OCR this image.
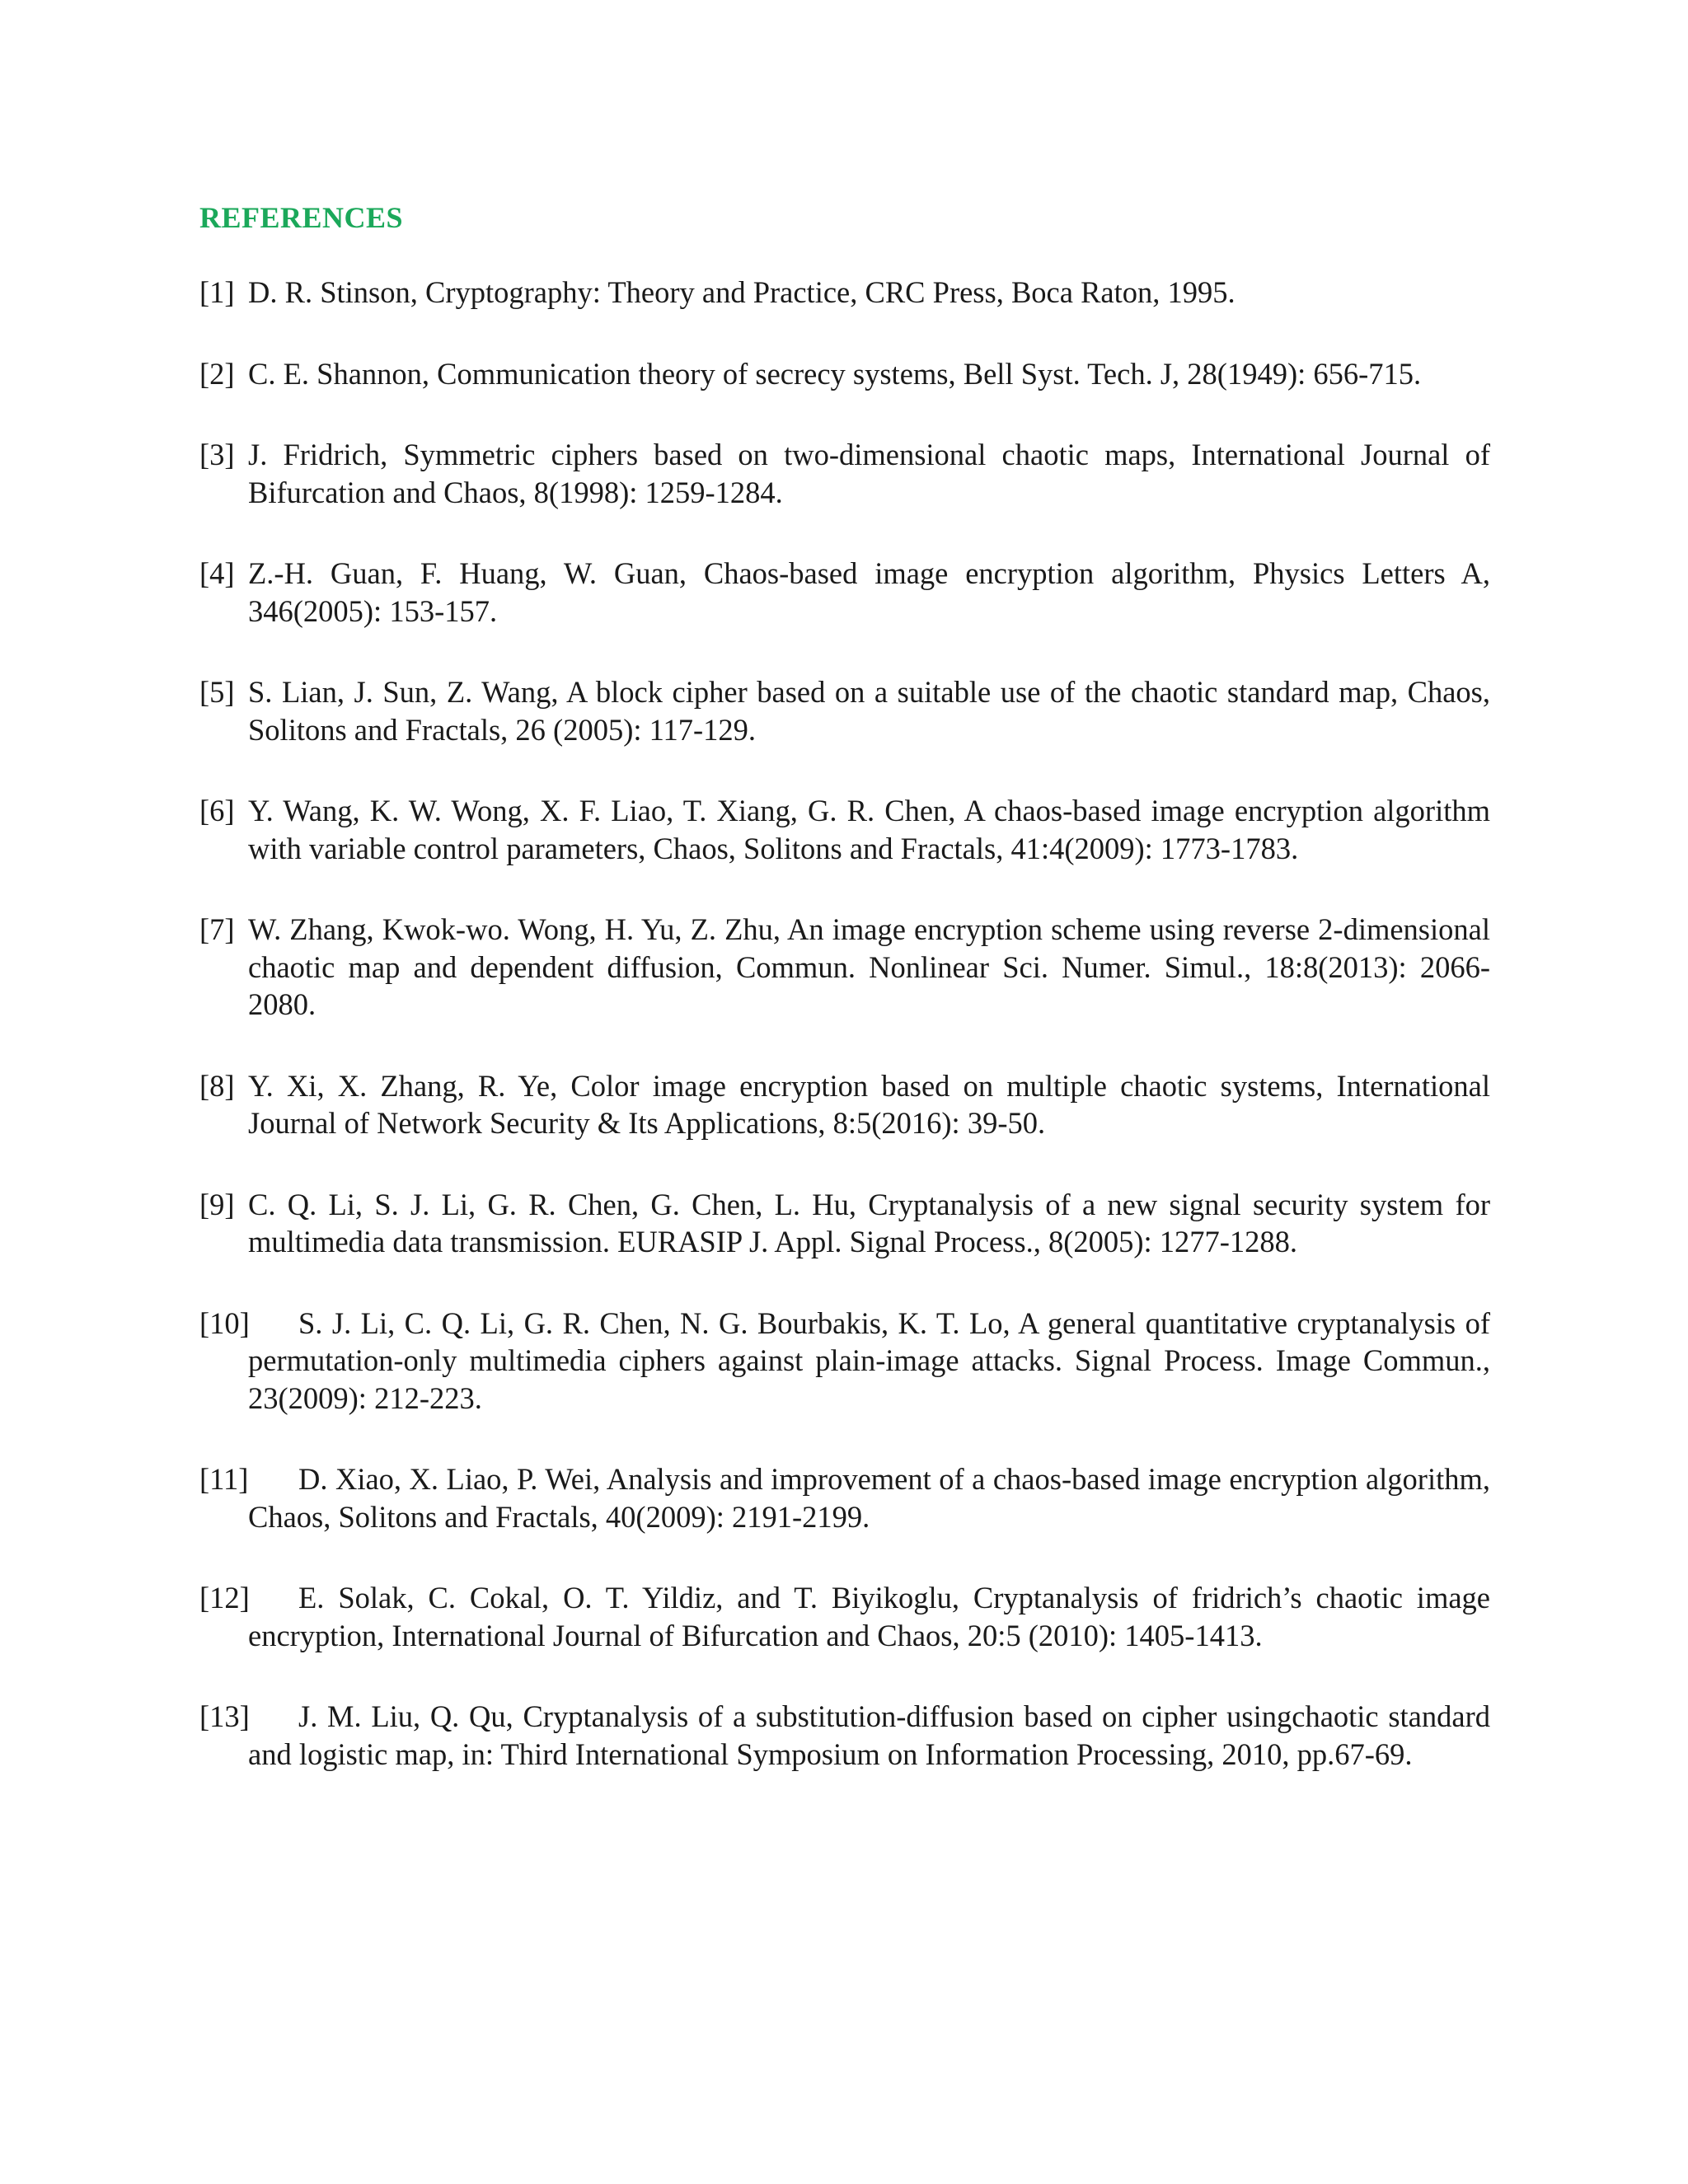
REFERENCES
[1] D. R. Stinson, Cryptography: Theory and Practice, CRC Press, Boca Raton, 1995.
[2] C. E. Shannon, Communication theory of secrecy systems, Bell Syst. Tech. J, 28(1949): 656-715.
[3] J. Fridrich, Symmetric ciphers based on two-dimensional chaotic maps, International Journal of Bifurcation and Chaos, 8(1998): 1259-1284.
[4] Z.-H. Guan, F. Huang, W. Guan, Chaos-based image encryption algorithm, Physics Letters A, 346(2005): 153-157.
[5] S. Lian, J. Sun, Z. Wang, A block cipher based on a suitable use of the chaotic standard map, Chaos, Solitons and Fractals, 26 (2005): 117-129.
[6] Y. Wang, K. W. Wong, X. F. Liao, T. Xiang, G. R. Chen, A chaos-based image encryption algorithm with variable control parameters, Chaos, Solitons and Fractals, 41:4(2009): 1773-1783.
[7] W. Zhang, Kwok-wo. Wong, H. Yu, Z. Zhu, An image encryption scheme using reverse 2-dimensional chaotic map and dependent diffusion, Commun. Nonlinear Sci. Numer. Simul., 18:8(2013): 2066-2080.
[8] Y. Xi, X. Zhang, R. Ye, Color image encryption based on multiple chaotic systems, International Journal of Network Security & Its Applications, 8:5(2016): 39-50.
[9] C. Q. Li, S. J. Li, G. R. Chen, G. Chen, L. Hu, Cryptanalysis of a new signal security system for multimedia data transmission. EURASIP J. Appl. Signal Process., 8(2005): 1277-1288.
[10]	S. J. Li, C. Q. Li, G. R. Chen, N. G. Bourbakis, K. T. Lo, A general quantitative cryptanalysis of permutation-only multimedia ciphers against plain-image attacks. Signal Process. Image Commun., 23(2009): 212-223.
[11]	D. Xiao, X. Liao, P. Wei, Analysis and improvement of a chaos-based image encryption algorithm, Chaos, Solitons and Fractals, 40(2009): 2191-2199.
[12]	E. Solak, C. Cokal, O. T. Yildiz, and T. Biyikoglu, Cryptanalysis of fridrich’s chaotic image encryption, International Journal of Bifurcation and Chaos, 20:5 (2010): 1405-1413.
[13]	J. M. Liu, Q. Qu, Cryptanalysis of a substitution-diffusion based on cipher usingchaotic standard and logistic map, in: Third International Symposium on Information Processing, 2010, pp.67-69.
